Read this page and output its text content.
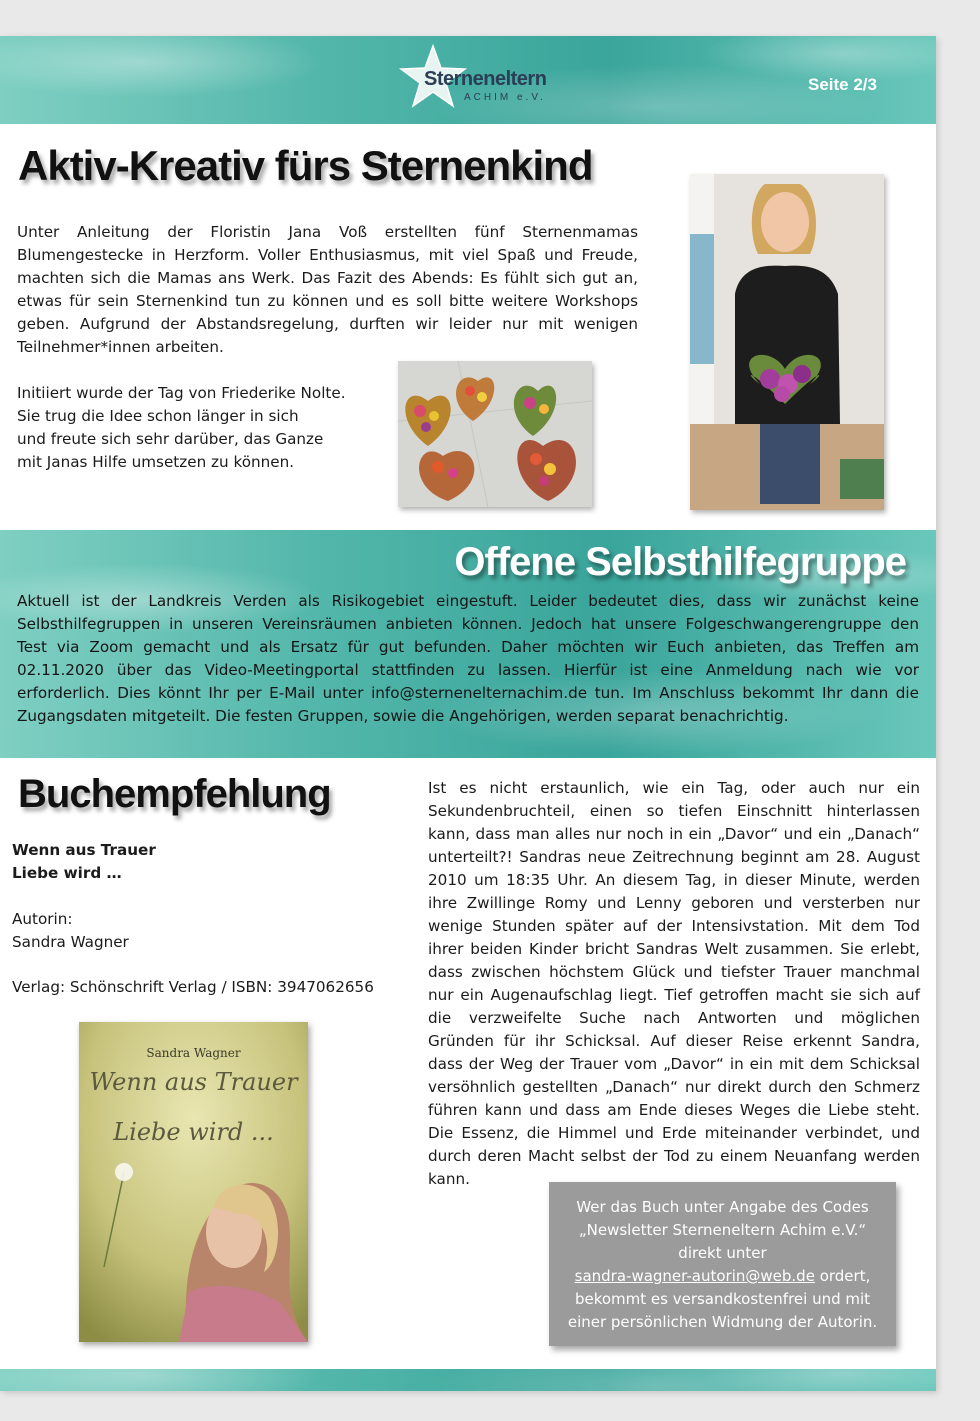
Sterneneltern
ACHIM e.V.
Seite 2/3
Aktiv-Kreativ fürs Sternenkind
Unter Anleitung der Floristin Jana Voß erstellten fünf Sternenmamas
Blumengestecke in Herzform. Voller Enthusiasmus, mit viel Spaß und Freude,
machten sich die Mamas ans Werk. Das Fazit des Abends: Es fühlt sich gut an,
etwas für sein Sternenkind tun zu können und es soll bitte weitere Workshops
geben. Aufgrund der Abstandsregelung, durften wir leider nur mit wenigen
Teilnehmer*innen arbeiten.
Initiiert wurde der Tag von Friederike Nolte.
Sie trug die Idee schon länger in sich
und freute sich sehr darüber, das Ganze
mit Janas Hilfe umsetzen zu können.
Offene Selbsthilfegruppe
Aktuell ist der Landkreis Verden als Risikogebiet eingestuft. Leider bedeutet dies, dass wir zunächst keine
Selbsthilfegruppen in unseren Vereinsräumen anbieten können. Jedoch hat unsere Folgeschwangerengruppe den
Test via Zoom gemacht und als Ersatz für gut befunden. Daher möchten wir Euch anbieten, das Treffen am
02.11.2020 über das Video-Meetingportal stattfinden zu lassen. Hierfür ist eine Anmeldung nach wie vor
erforderlich. Dies könnt Ihr per E-Mail unter info@sternenelternachim.de tun. Im Anschluss bekommt Ihr dann die
Zugangsdaten mitgeteilt. Die festen Gruppen, sowie die Angehörigen, werden separat benachrichtig.
Buchempfehlung
Wenn aus Trauer
Liebe wird …
Autorin:
Sandra Wagner
Verlag: Schönschrift Verlag / ISBN: 3947062656
Sandra Wagner
Wenn aus Trauer
Liebe wird ...
Ist es nicht erstaunlich, wie ein Tag, oder auch nur ein
Sekundenbruchteil, einen so tiefen Einschnitt hinterlassen
kann, dass man alles nur noch in ein „Davor“ und ein „Danach“
unterteilt?! Sandras neue Zeitrechnung beginnt am 28. August
2010 um 18:35 Uhr. An diesem Tag, in dieser Minute, werden
ihre Zwillinge Romy und Lenny geboren und versterben nur
wenige Stunden später auf der Intensivstation. Mit dem Tod
ihrer beiden Kinder bricht Sandras Welt zusammen. Sie erlebt,
dass zwischen höchstem Glück und tiefster Trauer manchmal
nur ein Augenaufschlag liegt. Tief getroffen macht sie sich auf
die verzweifelte Suche nach Antworten und möglichen
Gründen für ihr Schicksal. Auf dieser Reise erkennt Sandra,
dass der Weg der Trauer vom „Davor“ in ein mit dem Schicksal
versöhnlich gestellten „Danach“ nur direkt durch den Schmerz
führen kann und dass am Ende dieses Weges die Liebe steht.
Die Essenz, die Himmel und Erde miteinander verbindet, und
durch deren Macht selbst der Tod zu einem Neuanfang werden
kann.
Wer das Buch unter Angabe des Codes
„Newsletter Sterneneltern Achim e.V.“
direkt unter
sandra-wagner-autorin@web.de ordert,
bekommt es versandkostenfrei und mit
einer persönlichen Widmung der Autorin.
